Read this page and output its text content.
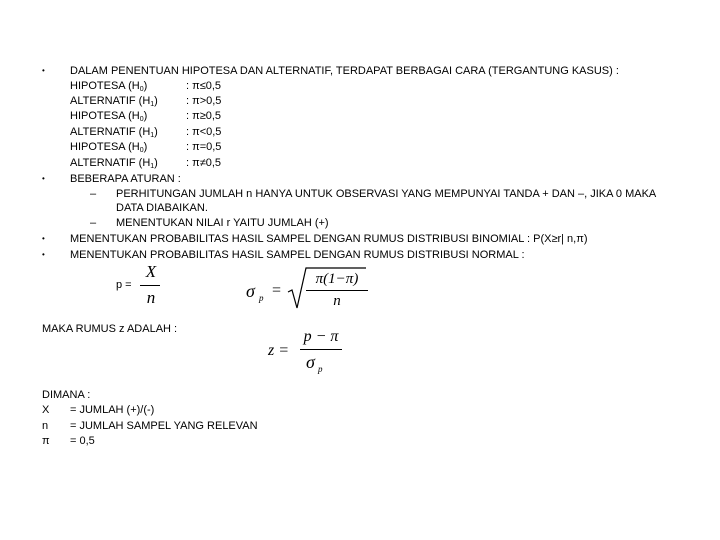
•
•
•
•
DALAM PENENTUAN HIPOTESA DAN ALTERNATIF, TERDAPAT BERBAGAI CARA (TERGANTUNG KASUS) :
HIPOTESA $(H_0)$	: π≤0,5
ALTERNATIF $(H_1)$	: π>0,5
HIPOTESA $(H_0)$	: π≥0,5
ALTERNATIF $(H_1)$	: π<0,5
HIPOTESA $(H_0)$	: π=0,5
ALTERNATIF $(H_1)$	: π≠0,5
BEBERAPA ATURAN :
– PERHITUNGAN JUMLAH n HANYA UNTUK OBSERVASI YANG MEMPUNYAI TANDA + DAN –, JIKA 0 MAKA
DATA DIABAIKAN.
– MENENTUKAN NILAI r YAITU JUMLAH (+)
MENENTUKAN PROBABILITAS HASIL SAMPEL DENGAN RUMUS DISTRIBUSI BINOMIAL : P(X≥r| n,π)
MENENTUKAN PROBABILITAS HASIL SAMPEL DENGAN RUMUS DISTRIBUSI NORMAL :
p =
X
n	σ p =
π(1−π)
n
MAKA RUMUS z ADALAH :
z =
p − π
σ p
DIMANA :
X = JUMLAH (+)/(-)
n = JUMLAH SAMPEL YANG RELEVAN
π = 0,5
